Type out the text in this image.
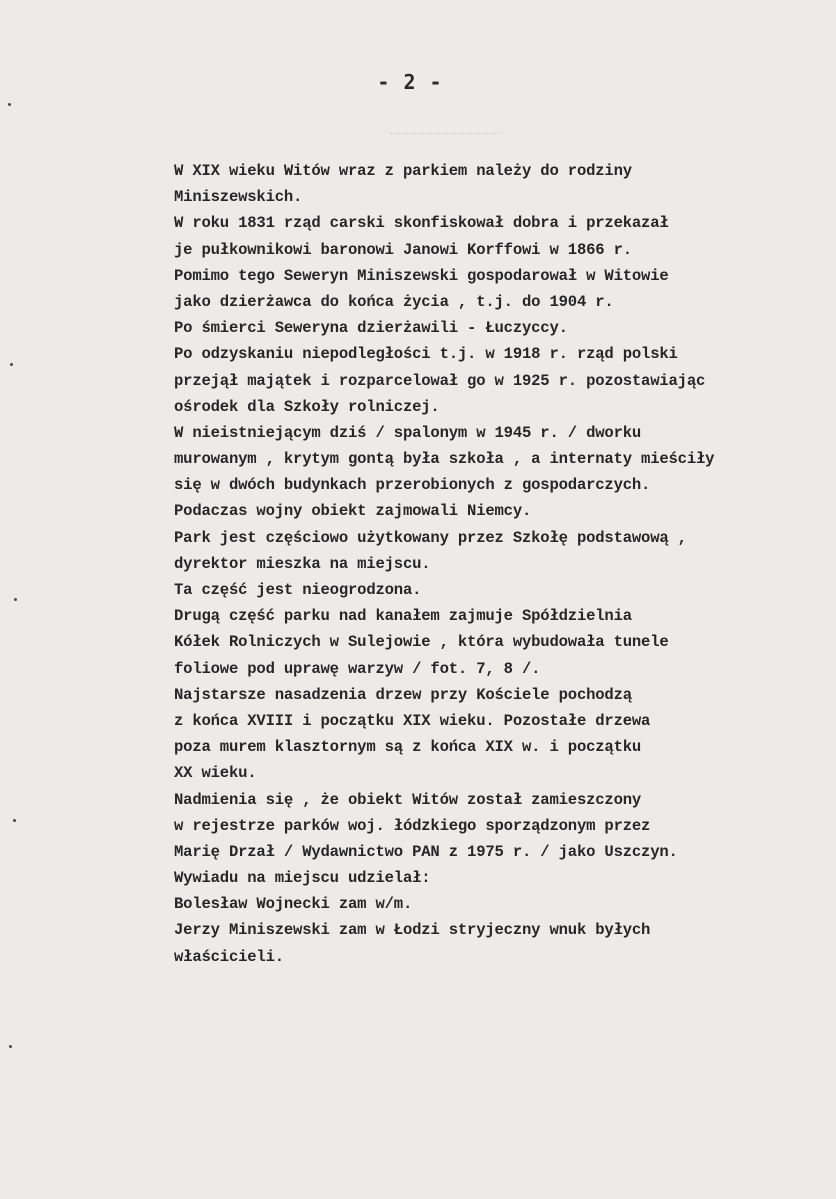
- 2 -
W XIX wieku Witów wraz z parkiem należy do rodziny
Miniszewskich.
W roku 1831 rząd carski skonfiskował dobra i przekazał
je pułkownikowi baronowi Janowi Korffowi w 1866 r.
Pomimo tego Seweryn Miniszewski gospodarował w Witowie
jako dzierżawca do końca życia , t.j. do 1904 r.
Po śmierci Seweryna dzierżawili - Łuczyccy.
Po odzyskaniu niepodległości t.j. w 1918 r. rząd polski
przejął majątek i rozparcelował go w 1925 r. pozostawiając
ośrodek dla Szkoły rolniczej.
W nieistniejącym dziś / spalonym w 1945 r. / dworku
murowanym , krytym gontą była szkoła , a internaty mieściły
się w dwóch budynkach przerobionych z gospodarczych.
Podaczas wojny obiekt zajmowali Niemcy.
Park jest częściowo użytkowany przez Szkołę podstawową ,
dyrektor mieszka na miejscu.
Ta część jest nieogrodzona.
Drugą część parku nad kanałem zajmuje Spółdzielnia
Kółek Rolniczych w Sulejowie , która wybudowała tunele
foliowe pod uprawę warzyw / fot. 7, 8 /.
Najstarsze nasadzenia drzew przy Kościele pochodzą
z końca XVIII i początku XIX wieku. Pozostałe drzewa
poza murem klasztornym są z końca XIX w. i początku
XX wieku.
Nadmienia się , że obiekt Witów został zamieszczony
w rejestrze parków woj. łódzkiego sporządzonym przez
Marię Drzał / Wydawnictwo PAN z 1975 r. / jako Uszczyn.
Wywiadu na miejscu udzielał:
Bolesław Wojnecki zam w/m.
Jerzy Miniszewski zam w Łodzi stryjeczny wnuk byłych
właścicieli.
